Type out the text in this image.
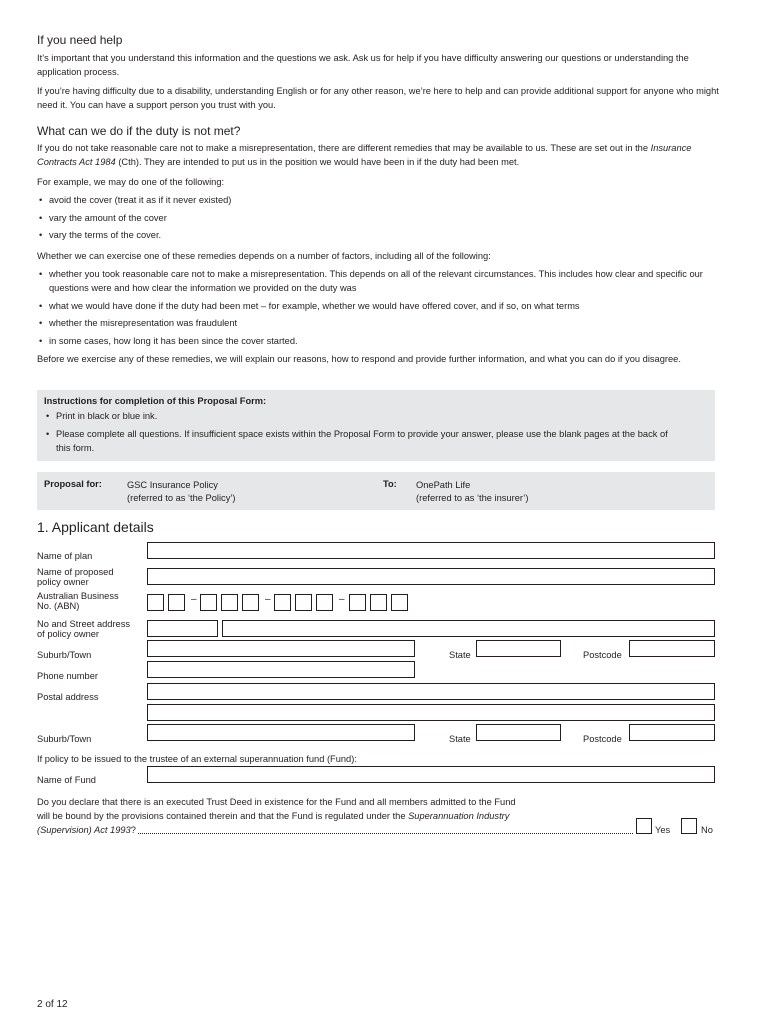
If you need help

It’s important that you understand this information and the questions we ask. Ask us for help if you have difficulty answering our questions or understanding the application process.

If you’re having difficulty due to a disability, understanding English or for any other reason, we’re here to help and can provide additional support for anyone who might need it. You can have a support person you trust with you.

What can we do if the duty is not met?

If you do not take reasonable care not to make a misrepresentation, there are different remedies that may be available to us. These are set out in the Insurance Contracts Act 1984 (Cth). They are intended to put us in the position we would have been in if the duty had been met.

For example, we may do one of the following:

• avoid the cover (treat it as if it never existed)
• vary the amount of the cover
• vary the terms of the cover.

Whether we can exercise one of these remedies depends on a number of factors, including all of the following:

• whether you took reasonable care not to make a misrepresentation. This depends on all of the relevant circumstances. This includes how clear and specific our questions were and how clear the information we provided on the duty was
• what we would have done if the duty had been met – for example, whether we would have offered cover, and if so, on what terms
• whether the misrepresentation was fraudulent
• in some cases, how long it has been since the cover started.

Before we exercise any of these remedies, we will explain our reasons, how to respond and provide further information, and what you can do if you disagree.

Instructions for completion of this Proposal Form:
• Print in black or blue ink.
• Please complete all questions. If insufficient space exists within the Proposal Form to provide your answer, please use the blank pages at the back of this form.
Proposal for:	GSC Insurance Policy
(referred to as ‘the Policy’)
To: OnePath Life
(referred to as ‘the insurer’)
1. Applicant details
Name of plan
Name of proposed
policy owner
Australian Business
No. (ABN)
–	–	–
No and Street address
of policy owner
Suburb/Town	State	Postcode
Phone number
Postal address
Suburb/Town	State	Postcode
If policy to be issued to the trustee of an external superannuation fund (Fund):
Name of Fund
Do you declare that there is an executed Trust Deed in existence for the Fund and all members admitted to the Fund
will be bound by the provisions contained therein and that the Fund is regulated under the Superannuation Industry
(Supervision) Act 1993 ?	Yes	No
2 of 12
